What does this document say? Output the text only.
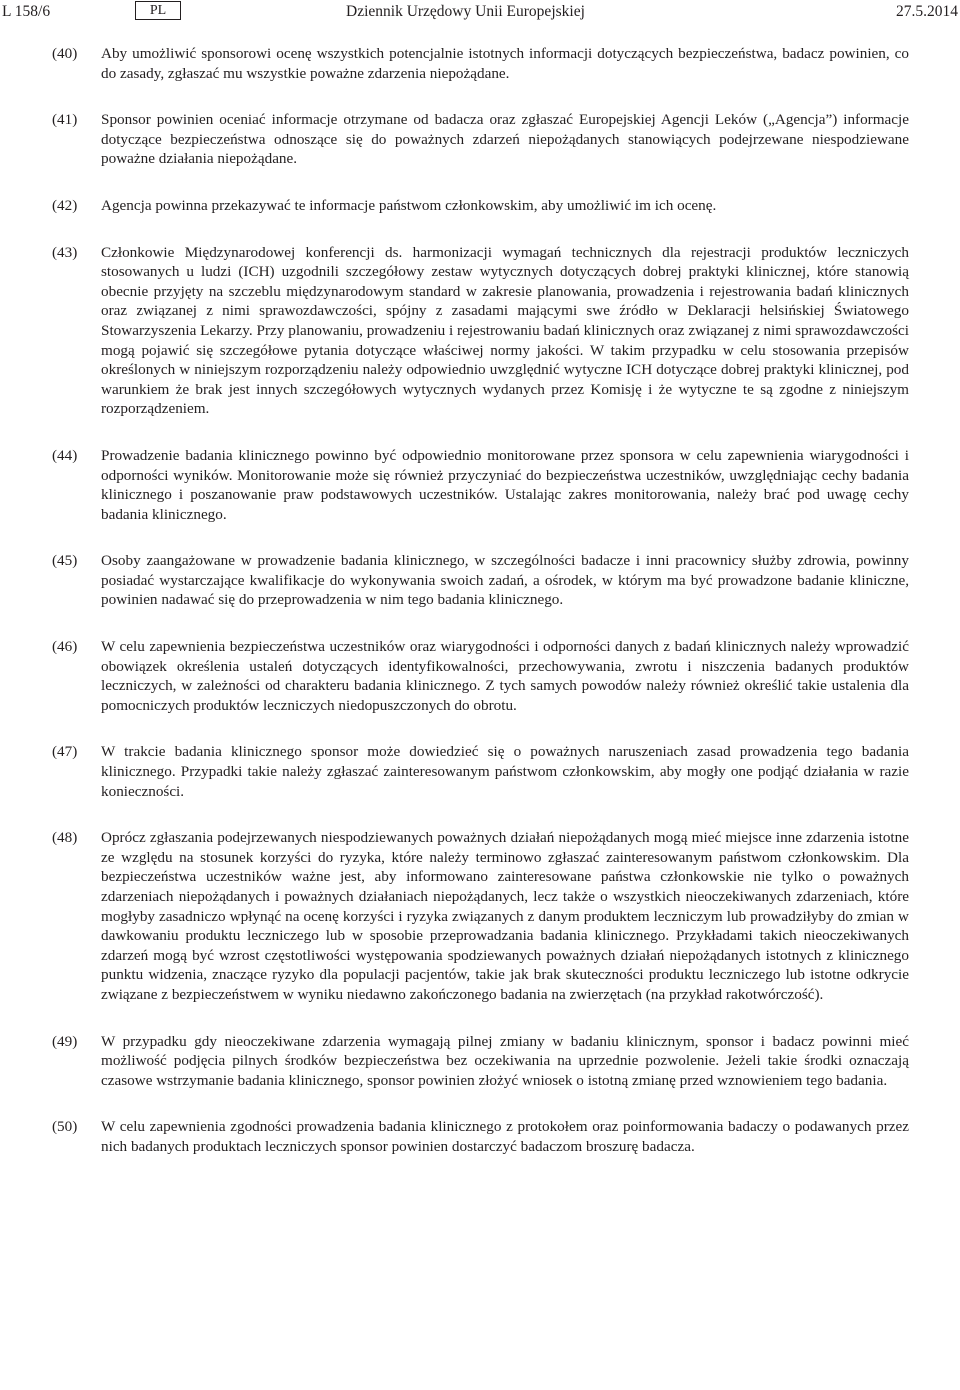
L 158/6	PL	Dziennik Urzędowy Unii Europejskiej	27.5.2014
(40) Aby umożliwić sponsorowi ocenę wszystkich potencjalnie istotnych informacji dotyczących bezpieczeństwa, badacz powinien, co do zasady, zgłaszać mu wszystkie poważne zdarzenia niepożądane.
(41) Sponsor powinien oceniać informacje otrzymane od badacza oraz zgłaszać Europejskiej Agencji Leków („Agencja”) informacje dotyczące bezpieczeństwa odnoszące się do poważnych zdarzeń niepożądanych stanowiących podejrzewane niespodziewane poważne działania niepożądane.
(42) Agencja powinna przekazywać te informacje państwom członkowskim, aby umożliwić im ich ocenę.
(43) Członkowie Międzynarodowej konferencji ds. harmonizacji wymagań technicznych dla rejestracji produktów leczniczych stosowanych u ludzi (ICH) uzgodnili szczegółowy zestaw wytycznych dotyczących dobrej praktyki klinicznej, które stanowią obecnie przyjęty na szczeblu międzynarodowym standard w zakresie planowania, prowadzenia i rejestrowania badań klinicznych oraz związanej z nimi sprawozdawczości, spójny z zasadami mającymi swe źródło w Deklaracji helsińskiej Światowego Stowarzyszenia Lekarzy. Przy planowaniu, prowadzeniu i rejestrowaniu badań klinicznych oraz związanej z nimi sprawozdawczości mogą pojawić się szczegółowe pytania dotyczące właściwej normy jakości. W takim przypadku w celu stosowania przepisów określonych w niniejszym rozporządzeniu należy odpowiednio uwzględnić wytyczne ICH dotyczące dobrej praktyki klinicznej, pod warunkiem że brak jest innych szczegółowych wytycznych wydanych przez Komisję i że wytyczne te są zgodne z niniejszym rozporządzeniem.
(44) Prowadzenie badania klinicznego powinno być odpowiednio monitorowane przez sponsora w celu zapewnienia wiarygodności i odporności wyników. Monitorowanie może się również przyczyniać do bezpieczeństwa uczestników, uwzględniając cechy badania klinicznego i poszanowanie praw podstawowych uczestników. Ustalając zakres monitorowania, należy brać pod uwagę cechy badania klinicznego.
(45) Osoby zaangażowane w prowadzenie badania klinicznego, w szczególności badacze i inni pracownicy służby zdrowia, powinny posiadać wystarczające kwalifikacje do wykonywania swoich zadań, a ośrodek, w którym ma być prowadzone badanie kliniczne, powinien nadawać się do przeprowadzenia w nim tego badania klinicznego.
(46) W celu zapewnienia bezpieczeństwa uczestników oraz wiarygodności i odporności danych z badań klinicznych należy wprowadzić obowiązek określenia ustaleń dotyczących identyfikowalności, przechowywania, zwrotu i niszczenia badanych produktów leczniczych, w zależności od charakteru badania klinicznego. Z tych samych powodów należy również określić takie ustalenia dla pomocniczych produktów leczniczych niedopuszczonych do obrotu.
(47) W trakcie badania klinicznego sponsor może dowiedzieć się o poważnych naruszeniach zasad prowadzenia tego badania klinicznego. Przypadki takie należy zgłaszać zainteresowanym państwom członkowskim, aby mogły one podjąć działania w razie konieczności.
(48) Oprócz zgłaszania podejrzewanych niespodziewanych poważnych działań niepożądanych mogą mieć miejsce inne zdarzenia istotne ze względu na stosunek korzyści do ryzyka, które należy terminowo zgłaszać zainteresowanym państwom członkowskim. Dla bezpieczeństwa uczestników ważne jest, aby informowano zainteresowane państwa członkowskie nie tylko o poważnych zdarzeniach niepożądanych i poważnych działaniach niepożądanych, lecz także o wszystkich nieoczekiwanych zdarzeniach, które mogłyby zasadniczo wpłynąć na ocenę korzyści i ryzyka związanych z danym produktem leczniczym lub prowadziłyby do zmian w dawkowaniu produktu leczniczego lub w sposobie przeprowadzania badania klinicznego. Przykładami takich nieoczekiwanych zdarzeń mogą być wzrost częstotliwości występowania spodziewanych poważnych działań niepożądanych istotnych z klinicznego punktu widzenia, znaczące ryzyko dla populacji pacjentów, takie jak brak skuteczności produktu leczniczego lub istotne odkrycie związane z bezpieczeństwem w wyniku niedawno zakończonego badania na zwierzętach (na przykład rakotwórczość).
(49) W przypadku gdy nieoczekiwane zdarzenia wymagają pilnej zmiany w badaniu klinicznym, sponsor i badacz powinni mieć możliwość podjęcia pilnych środków bezpieczeństwa bez oczekiwania na uprzednie pozwolenie. Jeżeli takie środki oznaczają czasowe wstrzymanie badania klinicznego, sponsor powinien złożyć wniosek o istotną zmianę przed wznowieniem tego badania.
(50) W celu zapewnienia zgodności prowadzenia badania klinicznego z protokołem oraz poinformowania badaczy o podawanych przez nich badanych produktach leczniczych sponsor powinien dostarczyć badaczom broszurę badacza.
